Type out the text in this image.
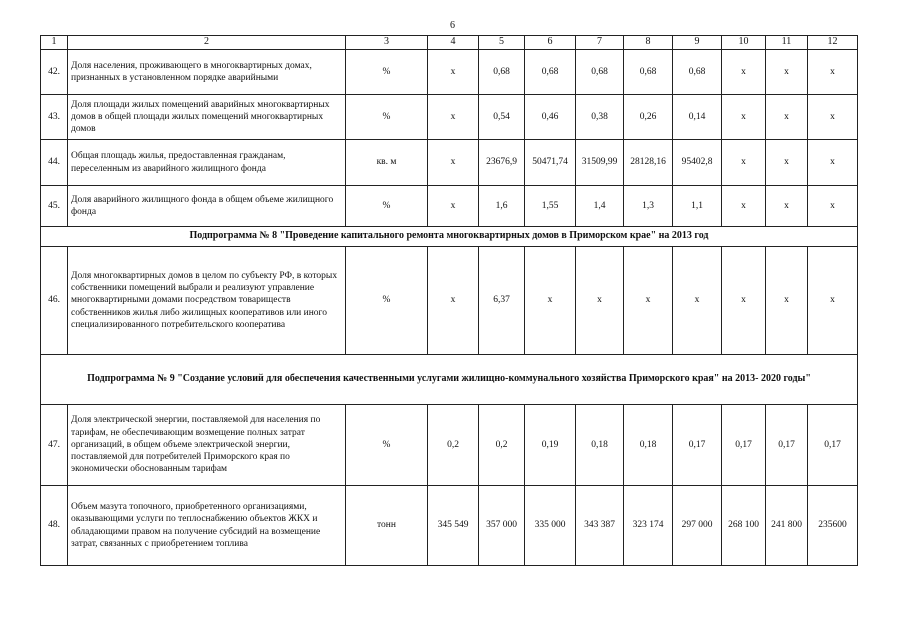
6
1	2	3	4	5	6	7	8	9	10	11	12
42.	Доля населения, проживающего в многоквартирных домах, признанных в установленном порядке аварийными	%	x	0,68	0,68	0,68	0,68	0,68	x	x	x
43.	Доля площади жилых помещений аварийных многоквартирных домов в общей площади жилых помещений многоквартирных домов	%	x	0,54	0,46	0,38	0,26	0,14	x	x	x
44.	Общая площадь жилья, предоставленная гражданам, переселенным из аварийного жилищного фонда	кв. м	x	23676,9	50471,74	31509,99	28128,16	95402,8	x	x	x
45.	Доля аварийного жилищного фонда в общем объеме жилищного фонда	%	x	1,6	1,55	1,4	1,3	1,1	x	x	x
Подпрограмма № 8 "Проведение капитального ремонта многоквартирных домов в Приморском крае" на 2013 год											
46.	Доля многоквартирных домов в целом по субъекту РФ, в которых собственники помещений выбрали и реализуют управление многоквартирными домами посредством товариществ собственников жилья либо жилищных кооперативов или иного специализированного потребительского кооператива	%	x	6,37	x	x	x	x	x	x	x
Подпрограмма № 9 "Создание условий для обеспечения качественными услугами жилищно-коммунального хозяйства Приморского края" на 2013- 2020 годы"											
47.	Доля электрической энергии, поставляемой для населения по тарифам, не обеспечивающим возмещение полных затрат организаций, в общем объеме электрической энергии, поставляемой для потребителей Приморского края по экономически обоснованным тарифам	%	0,2	0,2	0,19	0,18	0,18	0,17	0,17	0,17	0,17
48.	Объем мазута топочного, приобретенного организациями, оказывающими услуги по теплоснабжению объектов ЖКХ и обладающими правом на получение субсидий на возмещение затрат, связанных с приобретением топлива	тонн	345 549	357 000	335 000	343 387	323 174	297 000	268 100	241 800	235600
